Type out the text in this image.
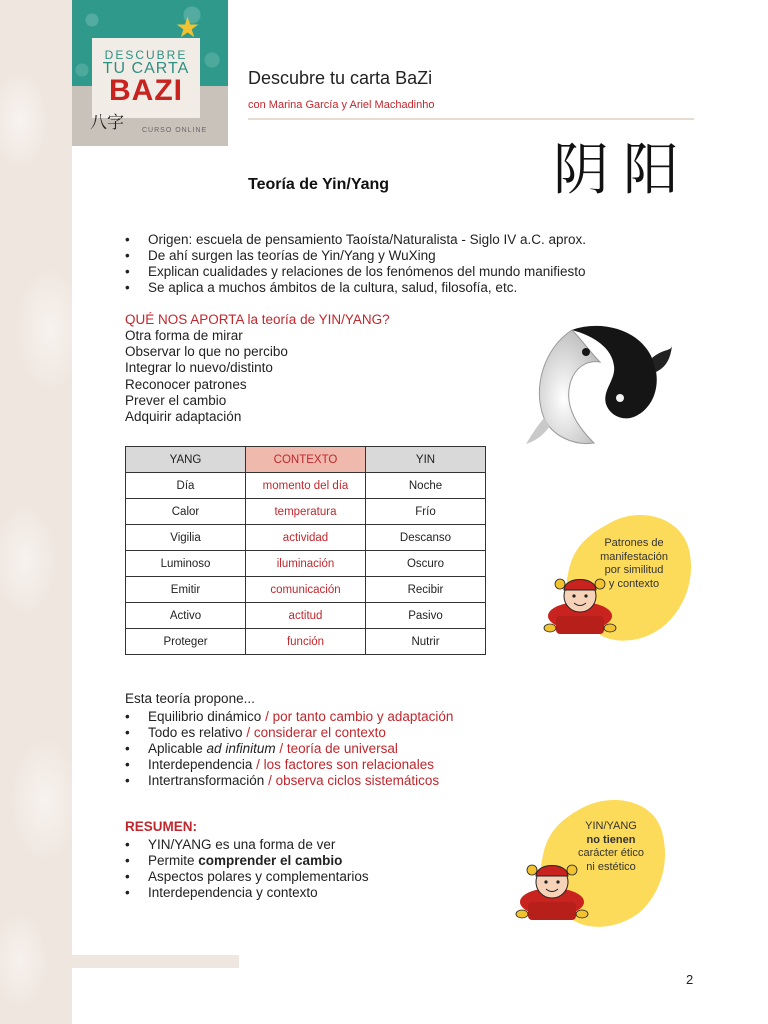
★
DESCUBRE
TU CARTA
BAZI
八字	CURSO ONLINE
Descubre tu carta BaZi
con Marina García y Ariel Machadinho
Teoría de Yin/Yang	阴阳
• Origen: escuela de pensamiento Taoísta/Naturalista - Siglo IV a.C. aprox.
• De ahí surgen las teorías de Yin/Yang y WuXing
• Explican cualidades y relaciones de los fenómenos del mundo manifiesto
• Se aplica a muchos ámbitos de la cultura, salud, filosofía, etc.
QUÉ NOS APORTA la teoría de YIN/YANG?
Otra forma de mirar
Observar lo que no percibo
Integrar lo nuevo/distinto
Reconocer patrones
Prever el cambio
Adquirir adaptación
YANG	CONTEXTO	YIN
Día	momento del día	Noche
Calor	temperatura	Frío
Vigilia	actividad	Descanso
Luminoso	iluminación	Oscuro
Emitir	comunicación	Recibir
Activo	actitud	Pasivo
Proteger	función	Nutrir
Patrones de
manifestación
por similitud
y contexto
Esta teoría propone...
• Equilibrio dinámico / por tanto cambio y adaptación
• Todo es relativo / considerar el contexto
• Aplicable ad infinitum / teoría de universal
• Interdependencia / los factores son relacionales
• Intertransformación / observa ciclos sistemáticos
RESUMEN:
• YIN/YANG es una forma de ver
• Permite comprender el cambio
• Aspectos polares y complementarios
• Interdependencia y contexto
YIN/YANG
no tienen
carácter ético
ni estético
2
